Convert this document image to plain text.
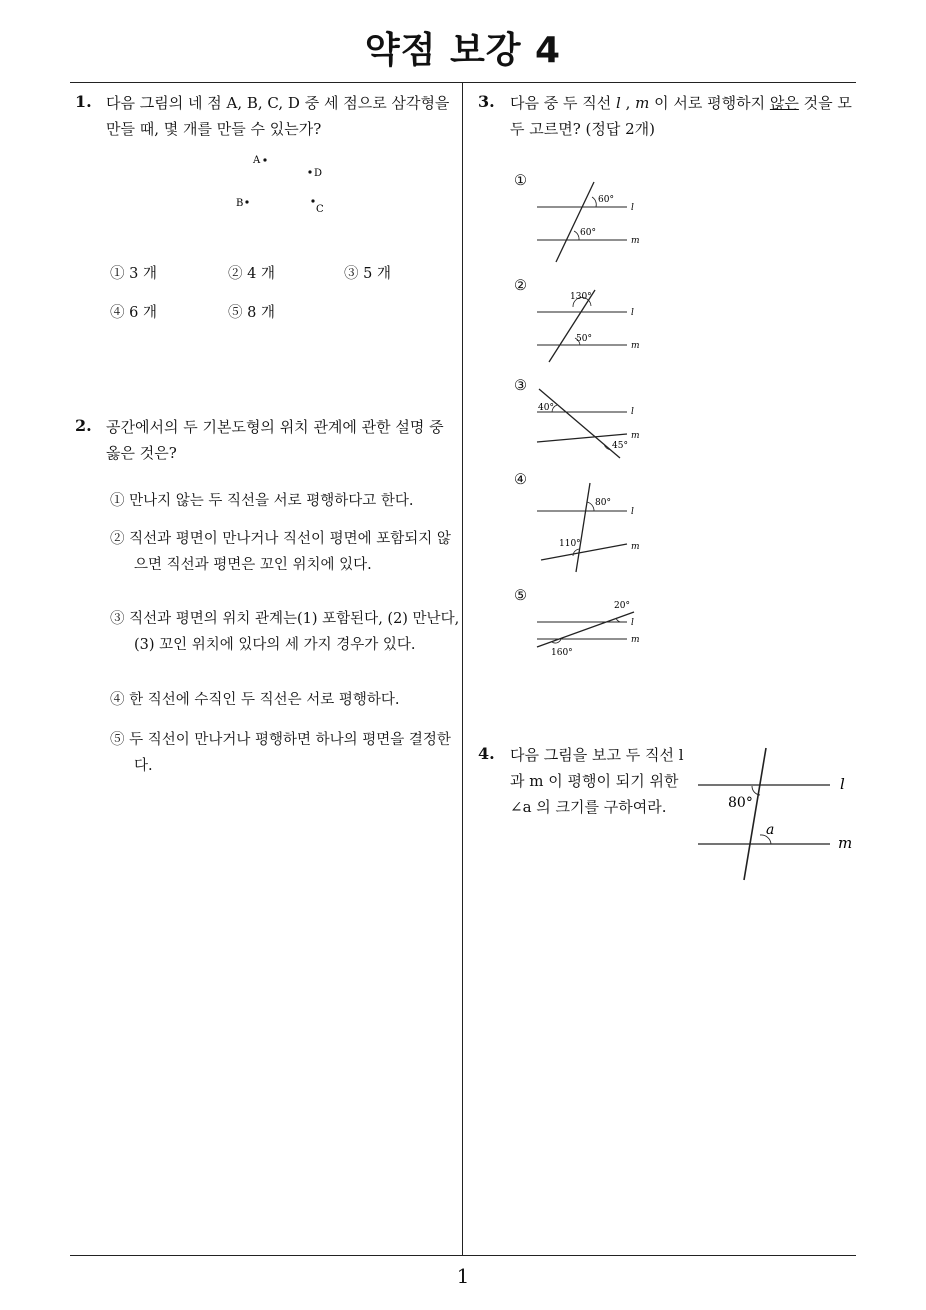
약점 보강 4
1
1. 다음 그림의 네 점 A, B, C, D 중 세 점으로 삼각형을 만들 때, 몇 개를 만들 수 있는가?
A
D
B
C
① 3 개	② 4 개	③ 5 개
④ 6 개	⑤ 8 개
2. 공간에서의 두 기본도형의 위치 관계에 관한 설명 중 옳은 것은?
① 만나지 않는 두 직선을 서로 평행하다고 한다.
② 직선과 평면이 만나거나 직선이 평면에 포함되지 않으면 직선과 평면은 꼬인 위치에 있다.
③ 직선과 평면의 위치 관계는(1) 포함된다, (2) 만난다, (3) 꼬인 위치에 있다의 세 가지 경우가 있다.
④ 한 직선에 수직인 두 직선은 서로 평행하다.
⑤ 두 직선이 만나거나 평행하면 하나의 평면을 결정한다.
3. 다음 중 두 직선 l , m 이 서로 평행하지 않은 것을 모두 고르면? (정답 2개)
①
60°
60°
l
m
②
130°
50°
l
m
③
40°
45°
l
m
④
80°
110°
l
m
⑤
20°
160°
l
m
4. 다음 그림을 보고 두 직선 l 과 m 이 평행이 되기 위한 ∠a 의 크기를 구하여라.	80°
a
l
m
